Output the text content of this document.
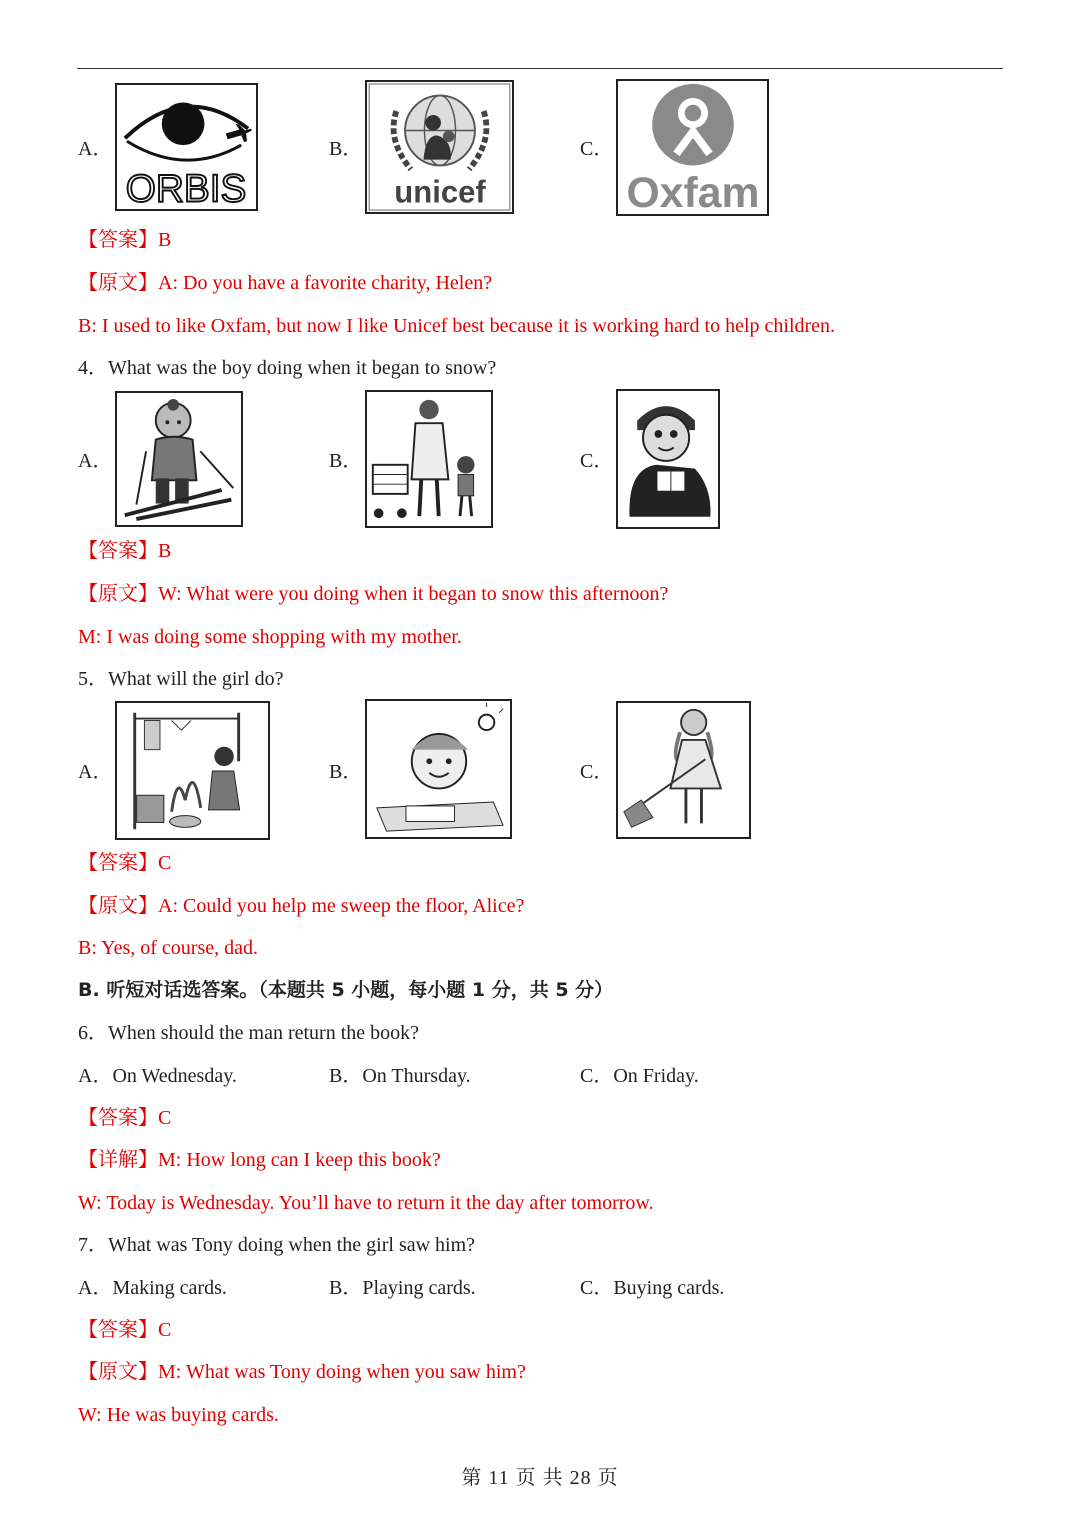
A．
ORBIS
B．
unicef
C．
Oxfam
【答案】B
【原文】A: Do you have a favorite charity, Helen?
B: I used to like Oxfam, but now I like Unicef best because it is working hard to help children.
4．What was the boy doing when it began to snow?
A．	B．	C．
【答案】B
【原文】W: What were you doing when it began to snow this afternoon?
M: I was doing some shopping with my mother.
5．What will the girl do?
A．	B．	C．
【答案】C
【原文】A: Could you help me sweep the floor, Alice?
B: Yes, of course, dad.
B. 听短对话选答案。（本题共 5 小题，每小题 1 分，共 5 分）
6．When should the man return the book?
A．On Wednesday.	B．On Thursday.	C．On Friday.
【答案】C
【详解】M: How long can I keep this book?
W: Today is Wednesday. You’ll have to return it the day after tomorrow.
7．What was Tony doing when the girl saw him?
A．Making cards.	B．Playing cards.	C．Buying cards.
【答案】C
【原文】M: What was Tony doing when you saw him?
W: He was buying cards.
第 11 页 共 28 页
